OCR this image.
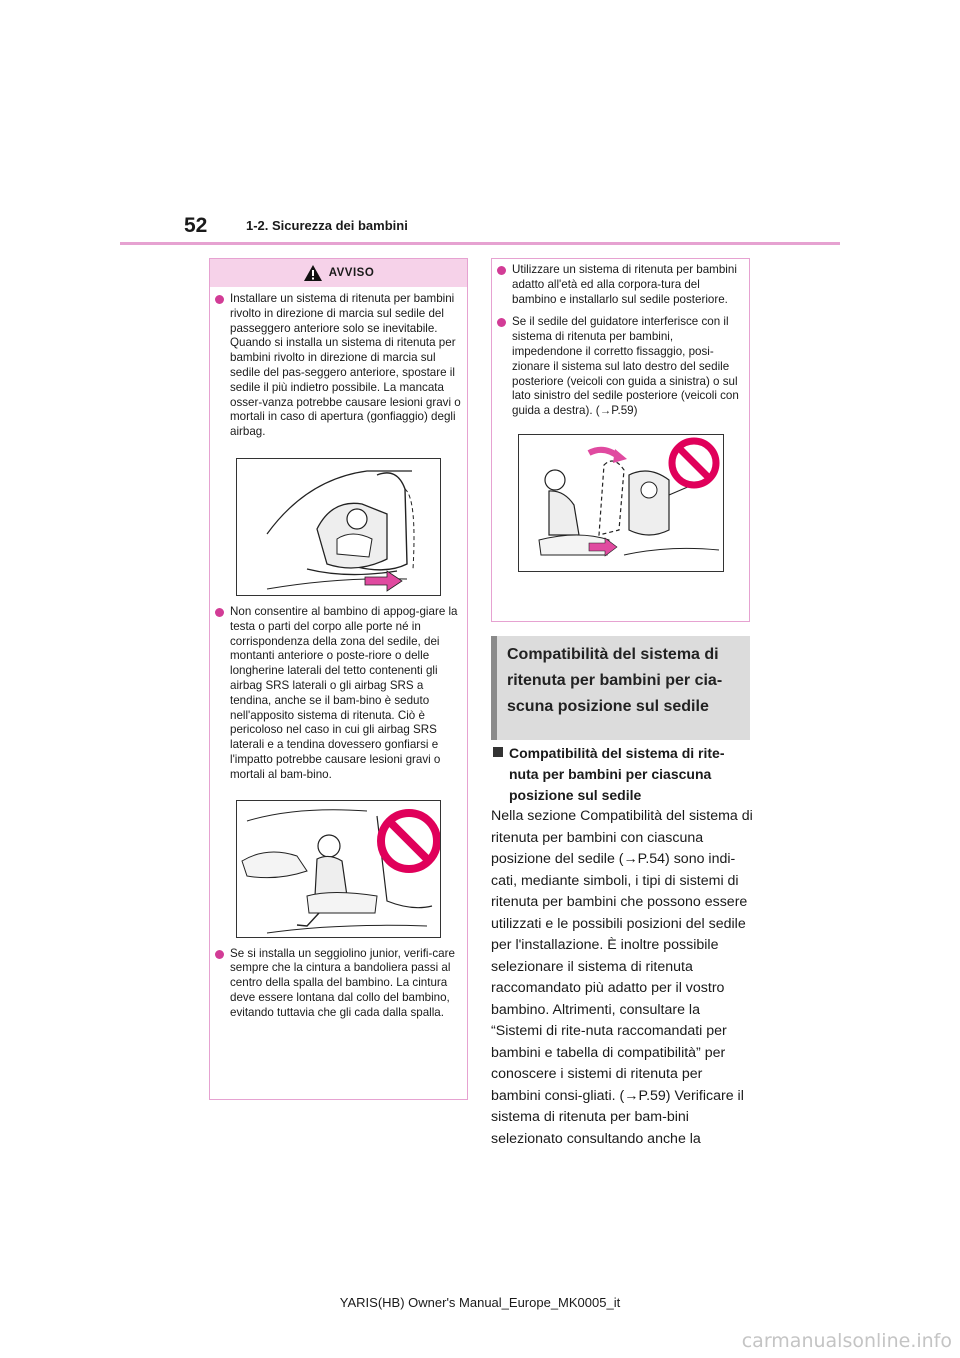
52	1-2. Sicurezza dei bambini
AVVISO
Installare un sistema di ritenuta per bambini rivolto in direzione di marcia sul sedile del passeggero anteriore solo se inevitabile. Quando si installa un sistema di ritenuta per bambini rivolto in direzione di marcia sul sedile del pas-seggero anteriore, spostare il sedile il più indietro possibile. La mancata osser-vanza potrebbe causare lesioni gravi o mortali in caso di apertura (gonfiaggio) degli airbag.
Non consentire al bambino di appog-giare la testa o parti del corpo alle porte né in corrispondenza della zona del sedile, dei montanti anteriore o poste-riore o delle longherine laterali del tetto contenenti gli airbag SRS laterali o gli airbag SRS a tendina, anche se il bam-bino è seduto nell'apposito sistema di ritenuta. Ciò è pericoloso nel caso in cui gli airbag SRS laterali e a tendina dovessero gonfiarsi e l'impatto potrebbe causare lesioni gravi o mortali al bam-bino.
Se si installa un seggiolino junior, verifi-care sempre che la cintura a bandoliera passi al centro della spalla del bambino. La cintura deve essere lontana dal collo del bambino, evitando tuttavia che gli cada dalla spalla.
Utilizzare un sistema di ritenuta per bambini adatto all'età ed alla corpora-tura del bambino e installarlo sul sedile posteriore.
Se il sedile del guidatore interferisce con il sistema di ritenuta per bambini, impedendone il corretto fissaggio, posi-zionare il sistema sul lato destro del sedile posteriore (veicoli con guida a sinistra) o sul lato sinistro del sedile posteriore (veicoli con guida a destra). (→P.59)
Compatibilità del sistema di ritenuta per bambini per cia-scuna posizione sul sedile
Compatibilità del sistema di rite-nuta per bambini per ciascuna posizione sul sedile
Nella sezione Compatibilità del sistema di ritenuta per bambini con ciascuna posizione del sedile (→P.54) sono indi-cati, mediante simboli, i tipi di sistemi di ritenuta per bambini che possono essere utilizzati e le possibili posizioni del sedile per l'installazione. È inoltre possibile selezionare il sistema di ritenuta raccomandato più adatto per il vostro bambino. Altrimenti, consultare la “Sistemi di rite-nuta raccomandati per bambini e tabella di compatibilità” per conoscere i sistemi di ritenuta per bambini consi-gliati. (→P.59) Verificare il sistema di ritenuta per bam-bini selezionato consultando anche la
YARIS(HB) Owner's Manual_Europe_MK0005_it
carmanualsonline.info
